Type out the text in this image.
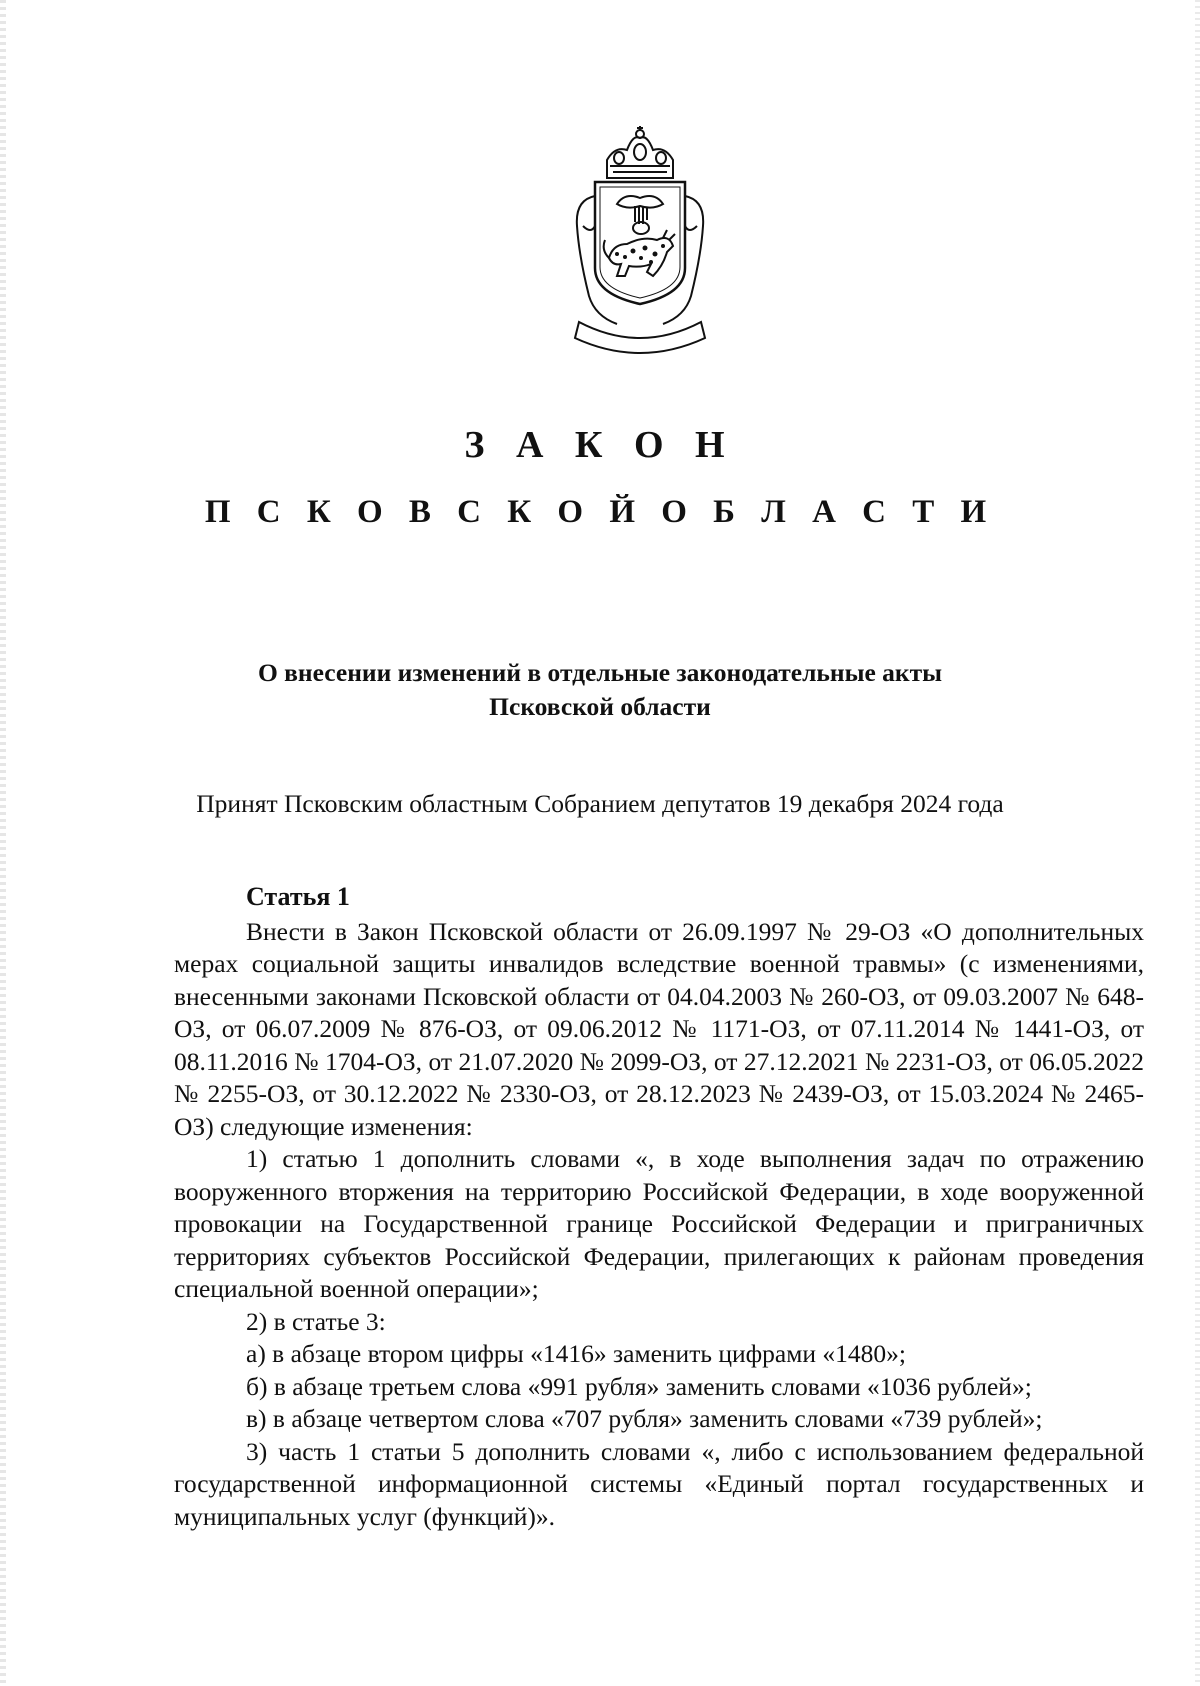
З А К О Н
П С К О В С К О Й О Б Л А С Т И
О внесении изменений в отдельные законодательные акты
Псковской области
Принят Псковским областным Собранием депутатов 19 декабря 2024 года
Статья 1

Внести в Закон Псковской области от 26.09.1997 № 29-ОЗ «О дополнительных мерах социальной защиты инвалидов вследствие военной травмы» (с изменениями, внесенными законами Псковской области от 04.04.2003 № 260-ОЗ, от 09.03.2007 № 648-ОЗ, от 06.07.2009 № 876-ОЗ, от 09.06.2012 № 1171-ОЗ, от 07.11.2014 № 1441-ОЗ, от 08.11.2016 № 1704-ОЗ, от 21.07.2020 № 2099-ОЗ, от 27.12.2021 № 2231-ОЗ, от 06.05.2022 № 2255-ОЗ, от 30.12.2022 № 2330-ОЗ, от 28.12.2023 № 2439-ОЗ, от 15.03.2024 № 2465-ОЗ) следующие изменения:

1) статью 1 дополнить словами «, в ходе выполнения задач по отражению вооруженного вторжения на территорию Российской Федерации, в ходе вооруженной провокации на Государственной границе Российской Федерации и приграничных территориях субъектов Российской Федерации, прилегающих к районам проведения специальной военной операции»;

2) в статье 3:

а) в абзаце втором цифры «1416» заменить цифрами «1480»;

б) в абзаце третьем слова «991 рубля» заменить словами «1036 рублей»;

в) в абзаце четвертом слова «707 рубля» заменить словами «739 рублей»;

3) часть 1 статьи 5 дополнить словами «, либо с использованием федеральной государственной информационной системы «Единый портал государственных и муниципальных услуг (функций)».
